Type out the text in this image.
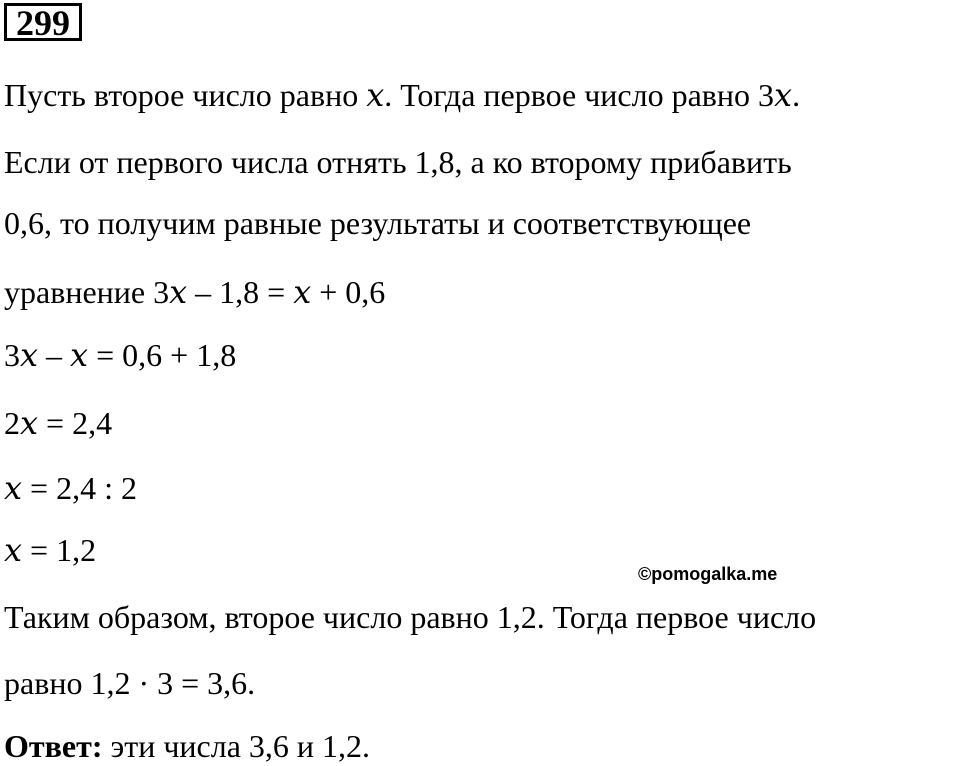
299
Пусть второе число равно x. Тогда первое число равно 3x.
Если от первого числа отнять 1,8, а ко второму прибавить
0,6, то получим равные результаты и соответствующее
уравнение 3x – 1,8 = x + 0,6
3x – x = 0,6 + 1,8
2x = 2,4
x = 2,4 : 2
x = 1,2
©pomogalka.me
Таким образом, второе число равно 1,2. Тогда первое число
равно 1,2 · 3 = 3,6.
Ответ: эти числа 3,6 и 1,2.
